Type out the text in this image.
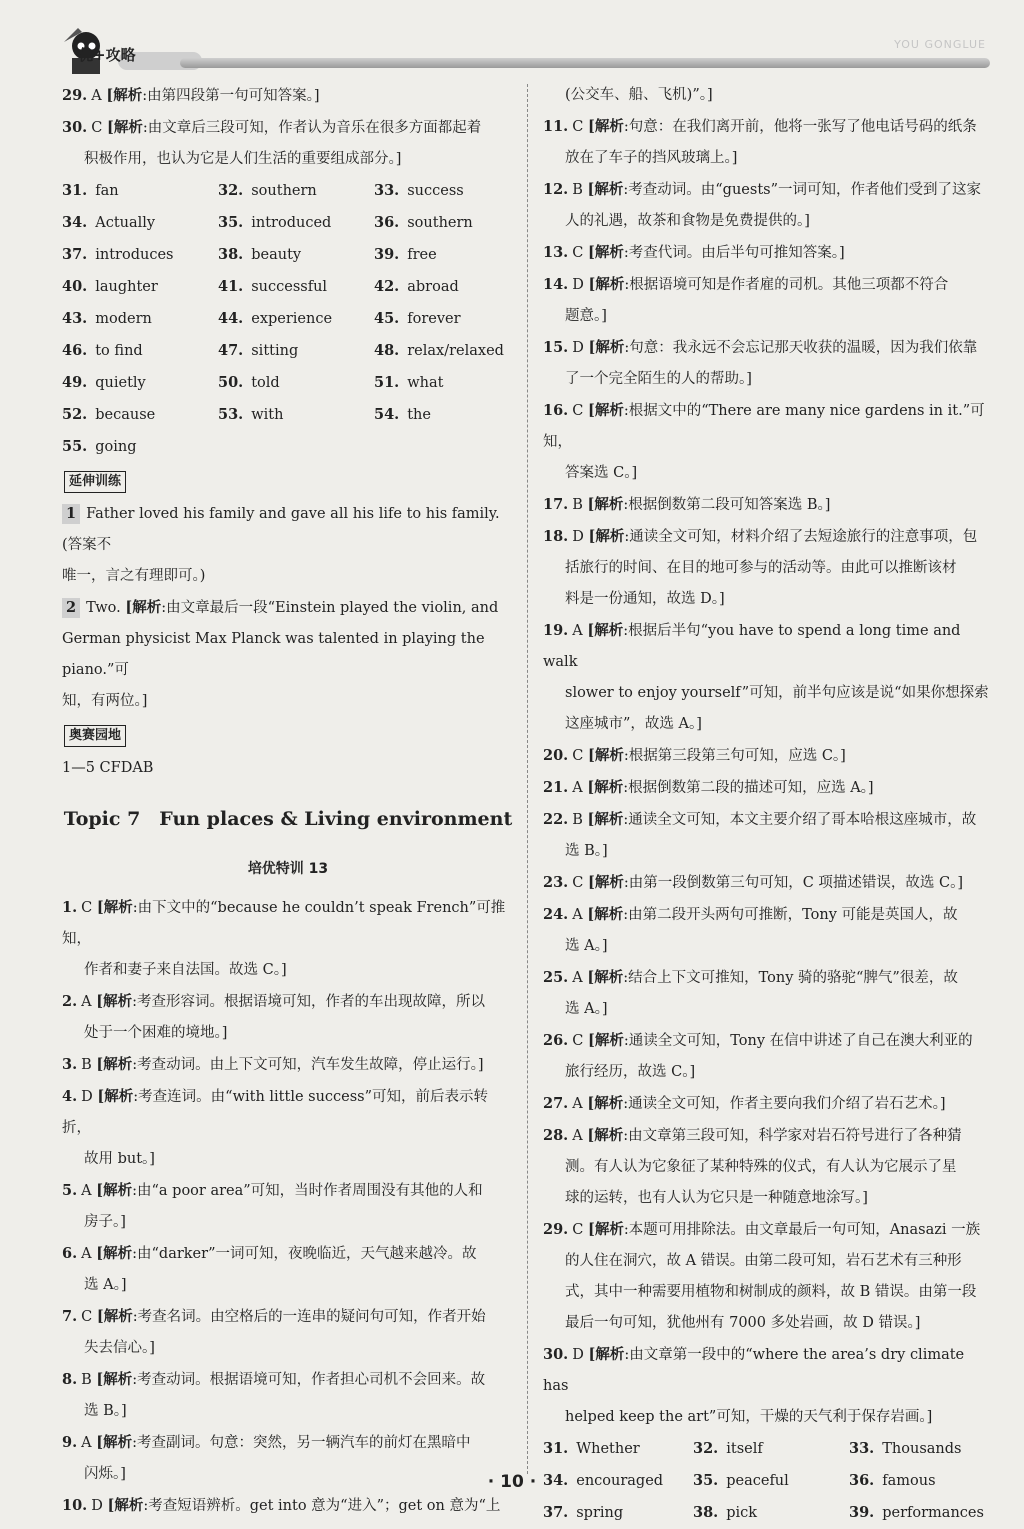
优+攻略
YOU GONGLUE

29. A [解析:由第四段第一句可知答案。]

30. C [解析:由文章后三段可知，作者认为音乐在很多方面都起着
积极作用，也认为它是人们生活的重要组成部分。]

31. fan	32. southern	33. success
34. Actually	35. introduced	36. southern
37. introduces	38. beauty	39. free
40. laughter	41. successful	42. abroad
43. modern	44. experience	45. forever
46. to find	47. sitting	48. relax/relaxed
49. quietly	50. told	51. what
52. because	53. with	54. the
55. going
延伸训练

1 Father loved his family and gave all his life to his family. (答案不
唯一，言之有理即可。)

2 Two. [解析:由文章最后一段“Einstein played the violin, and
German physicist Max Planck was talented in playing the piano.”可
知，有两位。]

奥赛园地

1—5 CFDAB

Topic 7　Fun places & Living environment
培优特训 13

1. C [解析:由下文中的“because he couldn’t speak French”可推知，
作者和妻子来自法国。故选 C。]

2. A [解析:考查形容词。根据语境可知，作者的车出现故障，所以
处于一个困难的境地。]

3. B [解析:考查动词。由上下文可知，汽车发生故障，停止运行。]

4. D [解析:考查连词。由“with little success”可知，前后表示转折，
故用 but。]

5. A [解析:由“a poor area”可知，当时作者周围没有其他的人和
房子。]

6. A [解析:由“darker”一词可知，夜晚临近，天气越来越冷。故
选 A。]

7. C [解析:考查名词。由空格后的一连串的疑问句可知，作者开始
失去信心。]

8. B [解析:考查动词。根据语境可知，作者担心司机不会回来。故
选 B。]

9. A [解析:考查副词。句意：突然，另一辆汽车的前灯在黑暗中
闪烁。]

10. D [解析:考查短语辨析。get into 意为“进入”；get on 意为“上

(公交车、船、飞机)”。]

11. C [解析:句意：在我们离开前，他将一张写了他电话号码的纸条
放在了车子的挡风玻璃上。]

12. B [解析:考查动词。由“guests”一词可知，作者他们受到了这家
人的礼遇，故茶和食物是免费提供的。]

13. C [解析:考查代词。由后半句可推知答案。]

14. D [解析:根据语境可知是作者雇的司机。其他三项都不符合
题意。]

15. D [解析:句意：我永远不会忘记那天收获的温暖，因为我们依靠
了一个完全陌生的人的帮助。]

16. C [解析:根据文中的“There are many nice gardens in it.”可知，
答案选 C。]

17. B [解析:根据倒数第二段可知答案选 B。]

18. D [解析:通读全文可知，材料介绍了去短途旅行的注意事项，包
括旅行的时间、在目的地可参与的活动等。由此可以推断该材
料是一份通知，故选 D。]

19. A [解析:根据后半句“you have to spend a long time and walk
slower to enjoy yourself”可知，前半句应该是说“如果你想探索
这座城市”，故选 A。]

20. C [解析:根据第三段第三句可知，应选 C。]

21. A [解析:根据倒数第二段的描述可知，应选 A。]

22. B [解析:通读全文可知，本文主要介绍了哥本哈根这座城市，故
选 B。]

23. C [解析:由第一段倒数第三句可知，C 项描述错误，故选 C。]

24. A [解析:由第二段开头两句可推断，Tony 可能是英国人，故
选 A。]

25. A [解析:结合上下文可推知，Tony 骑的骆驼“脾气”很差，故
选 A。]

26. C [解析:通读全文可知，Tony 在信中讲述了自己在澳大利亚的
旅行经历，故选 C。]

27. A [解析:通读全文可知，作者主要向我们介绍了岩石艺术。]

28. A [解析:由文章第三段可知，科学家对岩石符号进行了各种猜
测。有人认为它象征了某种特殊的仪式，有人认为它展示了星
球的运转，也有人认为它只是一种随意地涂写。]

29. C [解析:本题可用排除法。由文章最后一句可知，Anasazi 一族
的人住在洞穴，故 A 错误。由第二段可知，岩石艺术有三种形
式，其中一种需要用植物和树制成的颜料，故 B 错误。由第一段
最后一句可知，犹他州有 7000 多处岩画，故 D 错误。]

30. D [解析:由文章第一段中的“where the area’s dry climate has
helped keep the art”可知，干燥的天气利于保存岩画。]

31. Whether	32. itself	33. Thousands
34. encouraged	35. peaceful	36. famous
37. spring	38. pick	39. performances
· 10 ·
